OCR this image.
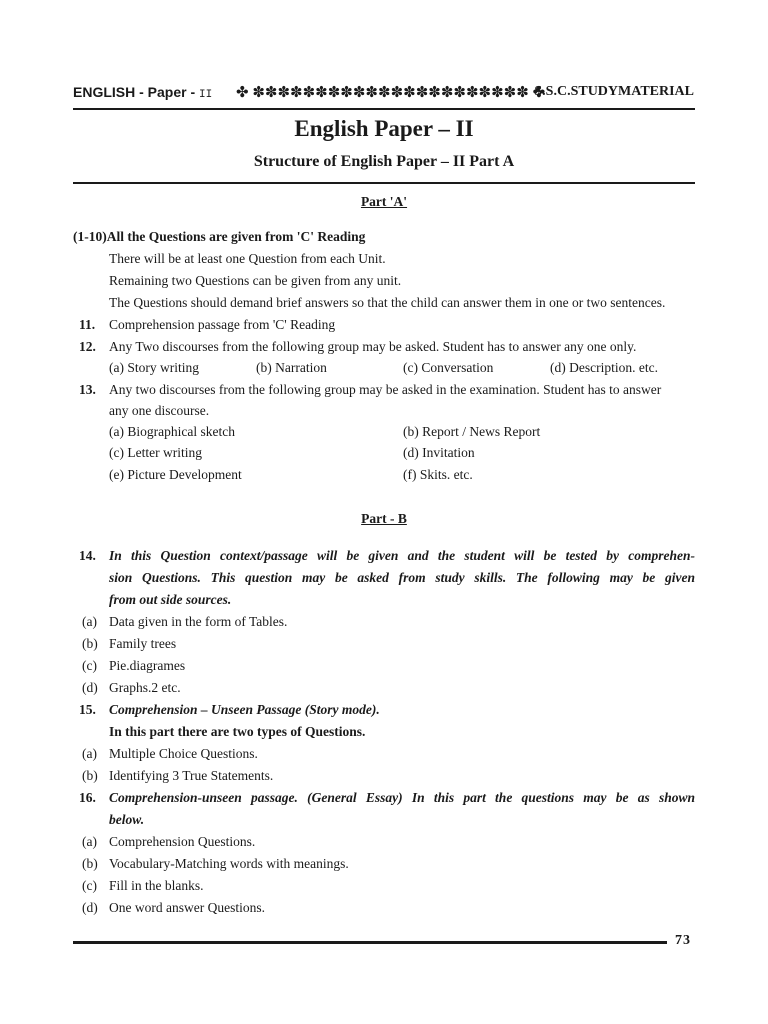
ENGLISH - Paper - II ✤ ✽✽✽✽✽✽✽✽✽✽✽✽✽✽✽✽✽✽✽✽✽✽ ✤
S.S.C.STUDYMATERIAL
English Paper – II
Structure of English Paper – II Part A
Part 'A'
(1-10)All the Questions are given from 'C' Reading
There will be at least one Question from each Unit.
Remaining two Questions can be given from any unit.
The Questions should demand brief answers so that the child can answer them in one or two sentences.
11. Comprehension passage from 'C' Reading
12. Any Two discourses from the following group may be asked. Student has to answer any one only.
(a) Story writing	(b) Narration	(c) Conversation	(d) Description. etc.
13. Any two discourses from the following group may be asked in the examination. Student has to answer
any one discourse.
(a) Biographical sketch	(b) Report / News Report
(c) Letter writing	(d) Invitation
(e) Picture Development	(f) Skits. etc.
Part - B
14. In this Question context/passage will be given and the student will be tested by comprehen-
sion Questions. This question may be asked from study skills. The following may be given
from out side sources.
(a) Data given in the form of Tables.
(b) Family trees
(c) Pie.diagrames
(d) Graphs.2 etc.
15. Comprehension – Unseen Passage (Story mode).
In this part there are two types of Questions.
(a) Multiple Choice Questions.
(b) Identifying 3 True Statements.
16. Comprehension-unseen passage. (General Essay) In this part the questions may be as shown
below.
(a) Comprehension Questions.
(b) Vocabulary-Matching words with meanings.
(c) Fill in the blanks.
(d) One word answer Questions.
73
